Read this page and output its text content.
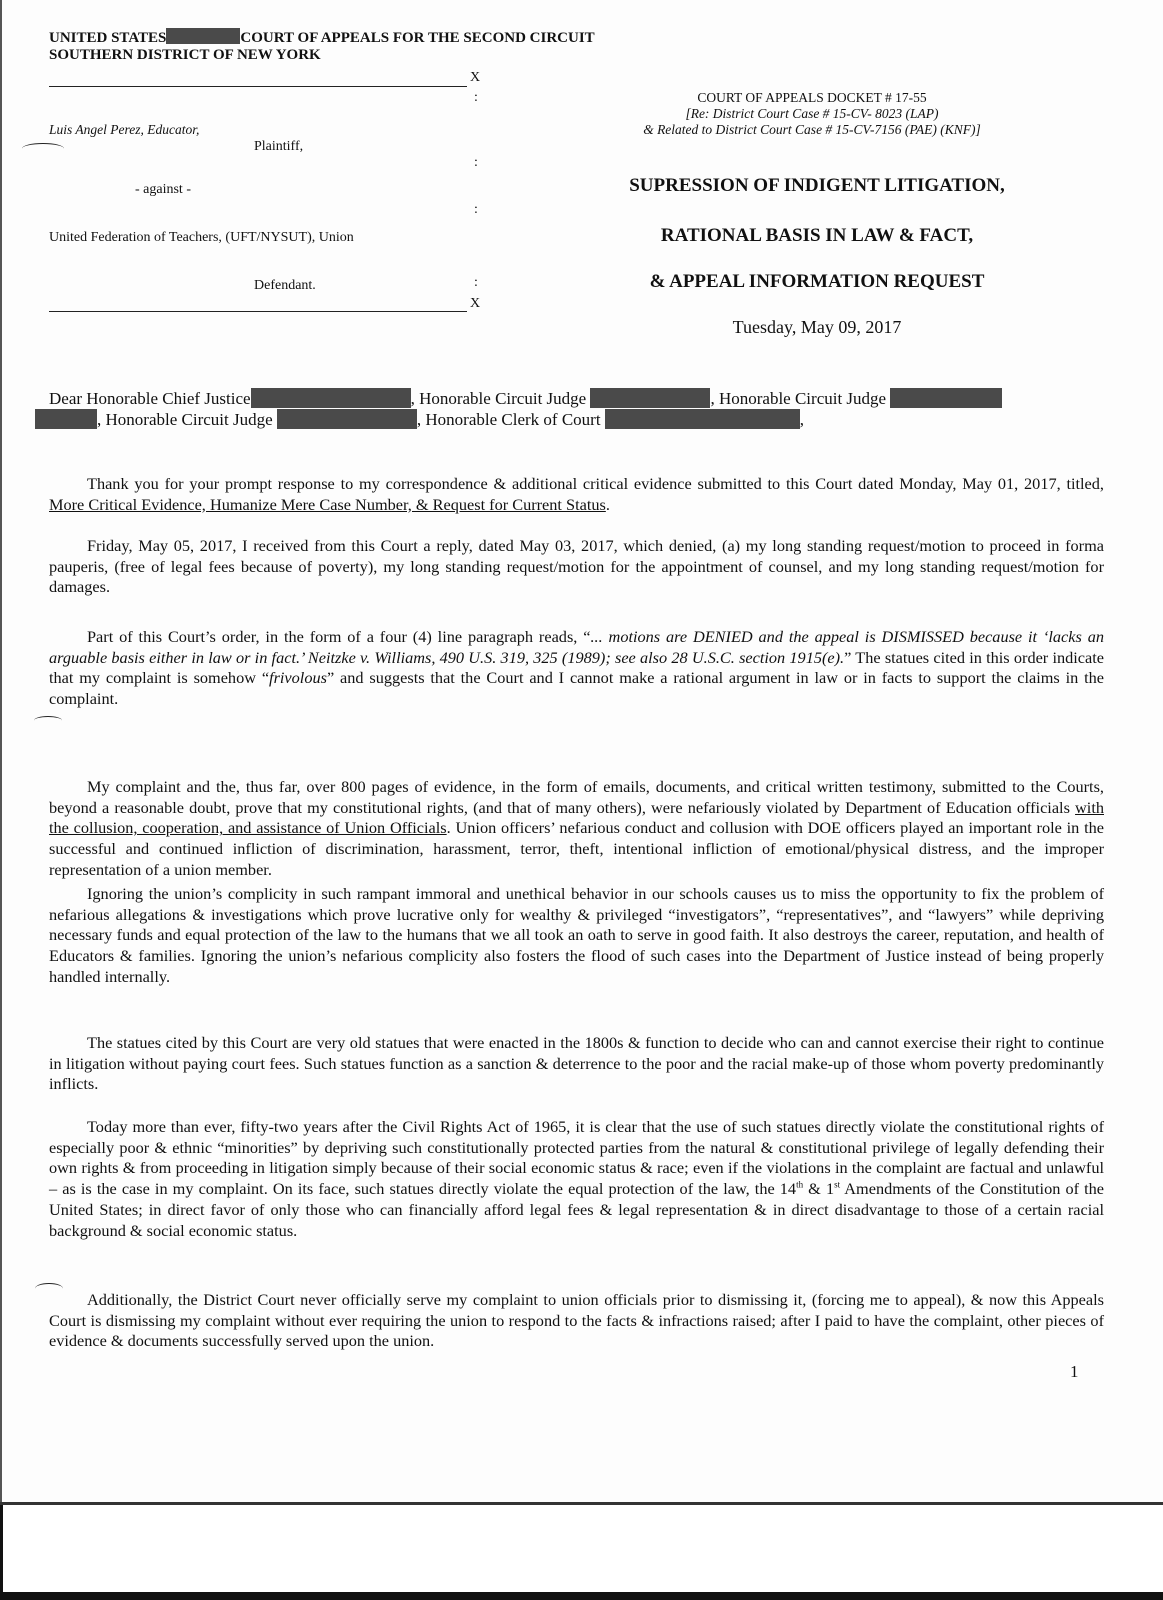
UNITED STATES	COURT OF APPEALS FOR THE SECOND CIRCUIT
SOUTHERN DISTRICT OF NEW YORK
X
:
:
:
:
Luis Angel Perez, Educator,
Plaintiff,
- against -
United Federation of Teachers, (UFT/NYSUT), Union
Defendant.
X
COURT OF APPEALS DOCKET # 17-55
[Re: District Court Case # 15-CV- 8023 (LAP)
& Related to District Court Case # 15-CV-7156 (PAE) (KNF)]
SUPRESSION OF INDIGENT LITIGATION,
RATIONAL BASIS IN LAW & FACT,
& APPEAL INFORMATION REQUEST
Tuesday, May 09, 2017
Dear Honorable Chief Justice	, Honorable Circuit Judge	, Honorable Circuit Judge
, Honorable Circuit Judge	, Honorable Clerk of Court	,
Thank you for your prompt response to my correspondence & additional critical evidence submitted to this Court dated Monday, May 01, 2017, titled, More Critical Evidence, Humanize Mere Case Number, & Request for Current Status.
Friday, May 05, 2017, I received from this Court a reply, dated May 03, 2017, which denied, (a) my long standing request/motion to proceed in forma pauperis, (free of legal fees because of poverty), my long standing request/motion for the appointment of counsel, and my long standing request/motion for damages.
Part of this Court’s order, in the form of a four (4) line paragraph reads, “... motions are DENIED and the appeal is DISMISSED because it ‘lacks an arguable basis either in law or in fact.’ Neitzke v. Williams, 490 U.S. 319, 325 (1989); see also 28 U.S.C. section 1915(e).” The statues cited in this order indicate that my complaint is somehow “frivolous” and suggests that the Court and I cannot make a rational argument in law or in facts to support the claims in the complaint.
My complaint and the, thus far, over 800 pages of evidence, in the form of emails, documents, and critical written testimony, submitted to the Courts, beyond a reasonable doubt, prove that my constitutional rights, (and that of many others), were nefariously violated by Department of Education officials with the collusion, cooperation, and assistance of Union Officials. Union officers’ nefarious conduct and collusion with DOE officers played an important role in the successful and continued infliction of discrimination, harassment, terror, theft, intentional infliction of emotional/physical distress, and the improper representation of a union member.
Ignoring the union’s complicity in such rampant immoral and unethical behavior in our schools causes us to miss the opportunity to fix the problem of nefarious allegations & investigations which prove lucrative only for wealthy & privileged “investigators”, “representatives”, and “lawyers” while depriving necessary funds and equal protection of the law to the humans that we all took an oath to serve in good faith. It also destroys the career, reputation, and health of Educators & families. Ignoring the union’s nefarious complicity also fosters the flood of such cases into the Department of Justice instead of being properly handled internally.
The statues cited by this Court are very old statues that were enacted in the 1800s & function to decide who can and cannot exercise their right to continue in litigation without paying court fees. Such statues function as a sanction & deterrence to the poor and the racial make-up of those whom poverty predominantly inflicts.
Today more than ever, fifty-two years after the Civil Rights Act of 1965, it is clear that the use of such statues directly violate the constitutional rights of especially poor & ethnic “minorities” by depriving such constitutionally protected parties from the natural & constitutional privilege of legally defending their own rights & from proceeding in litigation simply because of their social economic status & race; even if the violations in the complaint are factual and unlawful – as is the case in my complaint. On its face, such statues directly violate the equal protection of the law, the 14th & 1st Amendments of the Constitution of the United States; in direct favor of only those who can financially afford legal fees & legal representation & in direct disadvantage to those of a certain racial background & social economic status.
Additionally, the District Court never officially serve my complaint to union officials prior to dismissing it, (forcing me to appeal), & now this Appeals Court is dismissing my complaint without ever requiring the union to respond to the facts & infractions raised; after I paid to have the complaint, other pieces of evidence & documents successfully served upon the union.
1
